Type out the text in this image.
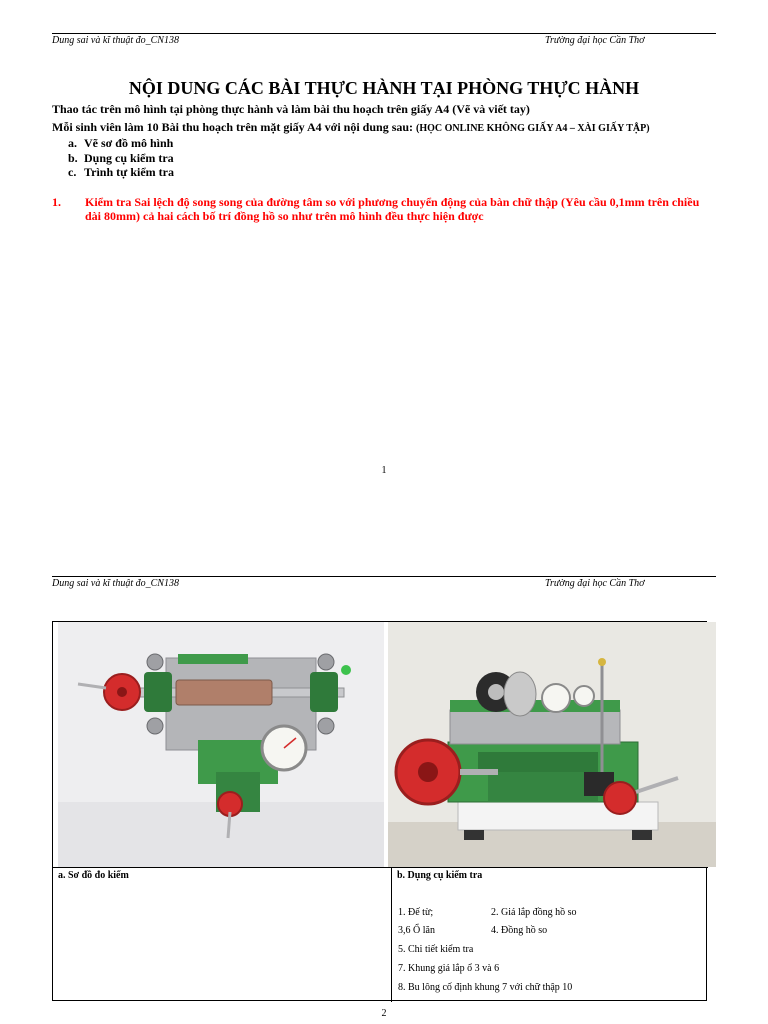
Dung sai và kĩ thuật đo_CN138	Trường đại học Cần Thơ
NỘI DUNG CÁC BÀI THỰC HÀNH TẠI PHÒNG THỰC HÀNH
Thao tác trên mô hình tại phòng thực hành và làm bài thu hoạch trên giấy A4 (Vẽ và viết tay)
Mỗi sinh viên làm 10 Bài thu hoạch trên mặt giấy A4 với nội dung sau: (HỌC ONLINE KHÔNG GIẤY A4 – XÀI GIẤY TẬP)
a. Vẽ sơ đồ mô hình
b. Dụng cụ kiểm tra
c. Trình tự kiểm tra
1. Kiểm tra Sai lệch độ song song của đường tâm so với phương chuyển động của bàn chữ thập (Yêu cầu 0,1mm trên chiều dài 80mm) cả hai cách bố trí đồng hồ so như trên mô hình đều thực hiện được
1
Dung sai và kĩ thuật đo_CN138	Trường đại học Cần Thơ
a. Sơ đồ đo kiểm	b. Dụng cụ kiểm tra
1. Đế từ;	2. Giá lắp đồng hồ so
3,6 Ổ lăn	4. Đồng hồ so
5. Chi tiết kiểm tra
7. Khung giá lắp ổ 3 và 6
8. Bu lông cố định khung 7 với chữ thập 10
2
